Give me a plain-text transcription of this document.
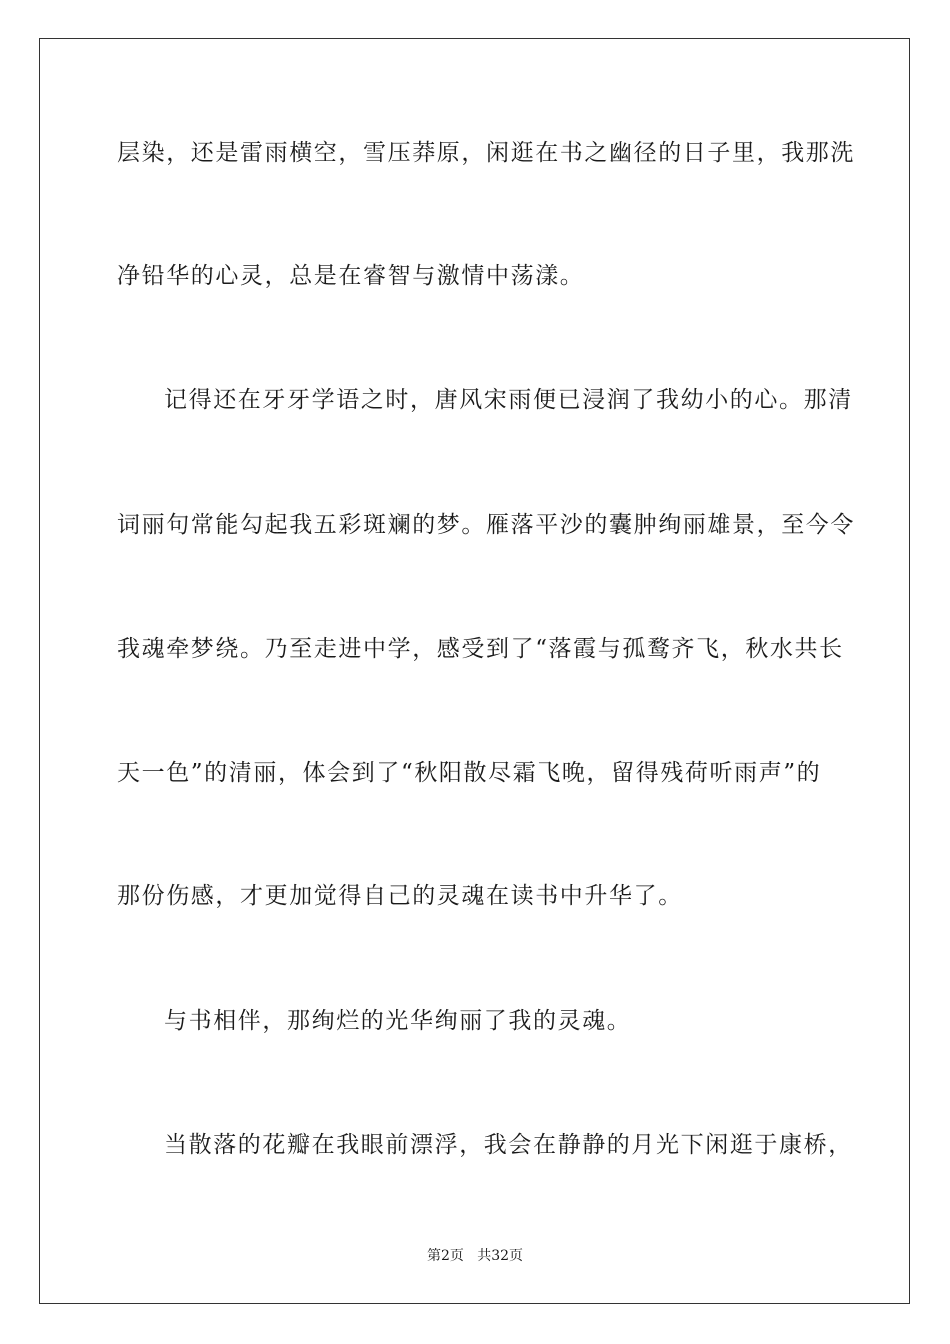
层染，还是雷雨横空，雪压莽原，闲逛在书之幽径的日子里，我那洗
净铅华的心灵，总是在睿智与激情中荡漾。
记得还在牙牙学语之时，唐风宋雨便已浸润了我幼小的心。那清
词丽句常能勾起我五彩斑斓的梦。雁落平沙的囊肿绚丽雄景，至今令
我魂牵梦绕。乃至走进中学，感受到了“落霞与孤鹜齐飞，秋水共长
天一色”的清丽，体会到了“秋阳散尽霜飞晚，留得残荷听雨声”的
那份伤感，才更加觉得自己的灵魂在读书中升华了。
与书相伴，那绚烂的光华绚丽了我的灵魂。
当散落的花瓣在我眼前漂浮，我会在静静的月光下闲逛于康桥，
第2页 共32页
